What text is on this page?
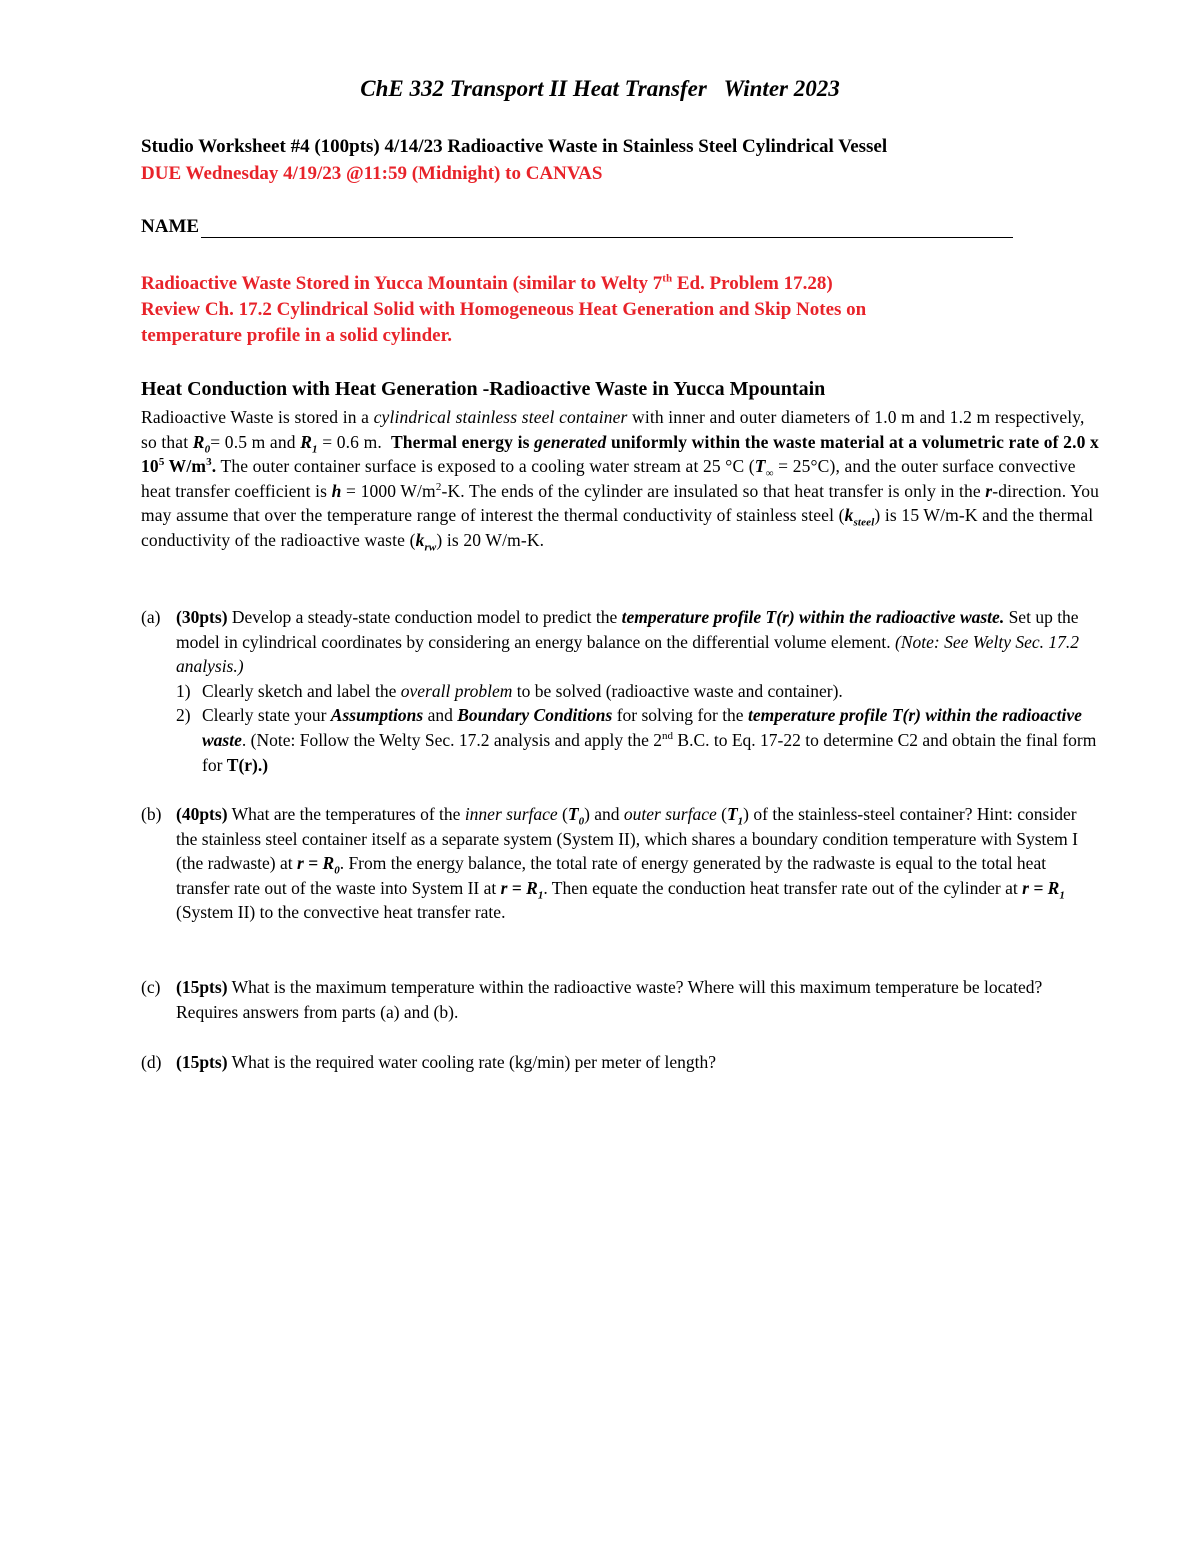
ChE 332 Transport II Heat Transfer   Winter 2023
Studio Worksheet #4 (100pts) 4/14/23 Radioactive Waste in Stainless Steel Cylindrical Vessel
DUE Wednesday 4/19/23 @11:59 (Midnight) to CANVAS
NAME
Radioactive Waste Stored in Yucca Mountain (similar to Welty 7th Ed. Problem 17.28)
Review Ch. 17.2 Cylindrical Solid with Homogeneous Heat Generation and Skip Notes on
temperature profile in a solid cylinder.
Heat Conduction with Heat Generation -Radioactive Waste in Yucca Mpountain
Radioactive Waste is stored in a cylindrical stainless steel container with inner and outer diameters of 1.0 m and 1.2 m respectively, so that $R_0= 0.5$ m and $R_1 = 0.6$ m.  Thermal energy is generated uniformly within the waste material at a volumetric rate of 2.0 x $10^5$ $W/m^3$. The outer container surface is exposed to a cooling water stream at 25 °C $(T_\infty = 25^\circ C)$, and the outer surface convective heat transfer coefficient is h = 1000 $W/m^2-K$. The ends of the cylinder are insulated so that heat transfer is only in the r-direction. You may assume that over the temperature range of interest the thermal conductivity of stainless steel $(k_{steel})$ is 15 W/m-K and the thermal conductivity of the radioactive waste $(k_{rw})$ is 20 W/m-K.
(a) (30pts) Develop a steady-state conduction model to predict the temperature profile T(r) within the radioactive waste. Set up the model in cylindrical coordinates by considering an energy balance on the differential volume element. (Note: See Welty Sec. 17.2 analysis.)
1) Clearly sketch and label the overall problem to be solved (radioactive waste and container).
2) Clearly state your Assumptions and Boundary Conditions for solving for the temperature profile T(r) within the radioactive waste. (Note: Follow the Welty Sec. 17.2 analysis and apply the 2nd B.C. to Eq. 17-22 to determine C2 and obtain the final form for T(r).)
(b) (40pts) What are the temperatures of the inner surface $(T_0)$ and outer surface $(T_1)$ of the stainless-steel container? Hint: consider the stainless steel container itself as a separate system (System II), which shares a boundary condition temperature with System I (the radwaste) at $r = R_0$. From the energy balance, the total rate of energy generated by the radwaste is equal to the total heat transfer rate out of the waste into System II at $r = R_1$. Then equate the conduction heat transfer rate out of the cylinder at $r = R_1$ (System II) to the convective heat transfer rate.
(c) (15pts) What is the maximum temperature within the radioactive waste? Where will this maximum temperature be located? Requires answers from parts (a) and (b).
(d) (15pts) What is the required water cooling rate (kg/min) per meter of length?
